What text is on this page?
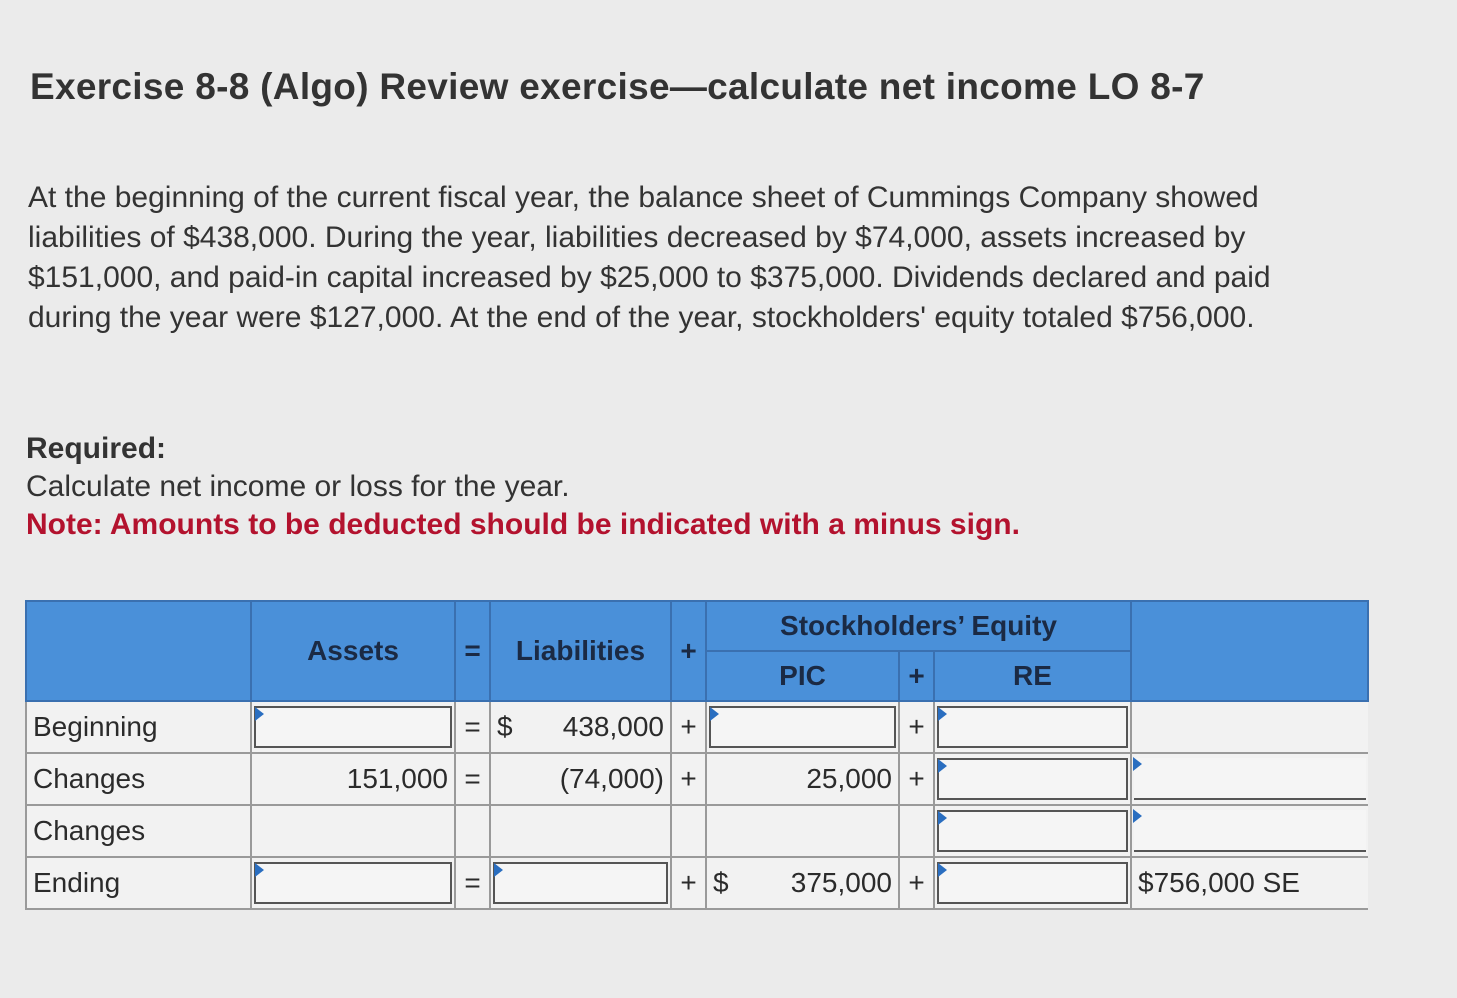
Exercise 8-8 (Algo) Review exercise—calculate net income LO 8-7
At the beginning of the current fiscal year, the balance sheet of Cummings Company showed liabilities of $438,000. During the year, liabilities decreased by $74,000, assets increased by $151,000, and paid-in capital increased by $25,000 to $375,000. Dividends declared and paid during the year were $127,000. At the end of the year, stockholders' equity totaled $756,000.
Required:
Calculate net income or loss for the year.
Note: Amounts to be deducted should be indicated with a minus sign.
	Assets	=	Liabilities	+	Stockholders’ Equity			
					PIC	+	RE	
Beginning		=	$ 438,000	+		+	

Changes	151,000	=	(74,000)	+	25,000	+	

Changes							

Ending		=		+	$ 375,000	+		$756,000 SE
